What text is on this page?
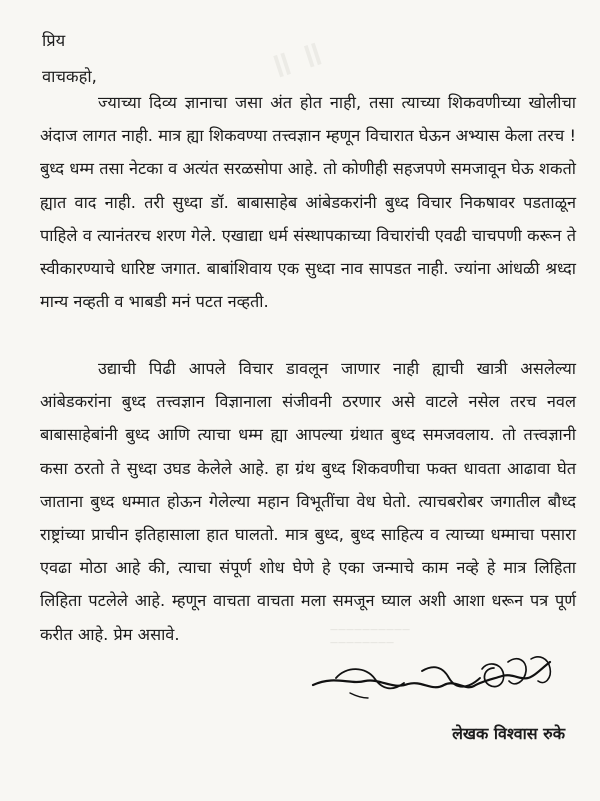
॥ ॥
प्रिय
वाचकहो,
ज्याच्या दिव्य ज्ञानाचा जसा अंत होत नाही, तसा त्याच्या शिकवणीच्या खोलीचा अंदाज लागत नाही. मात्र ह्या शिकवण्या तत्त्वज्ञान म्हणून विचारात घेऊन अभ्यास केला तरच ! बुध्द धम्म तसा नेटका व अत्यंत सरळसोपा आहे. तो कोणीही सहजपणे समजावून घेऊ शकतो ह्यात वाद नाही. तरी सुध्दा डॉ. बाबासाहेब आंबेडकरांनी बुध्द विचार निकषावर पडताळून पाहिले व त्यानंतरच शरण गेले. एखाद्या धर्म संस्थापकाच्या विचारांची एवढी चाचपणी करून ते स्वीकारण्याचे धारिष्ट जगात. बाबांशिवाय एक सुध्दा नाव सापडत नाही. ज्यांना आंधळी श्रध्दा मान्य नव्हती व भाबडी मनं पटत नव्हती.
उद्याची पिढी आपले विचार डावलून जाणार नाही ह्याची खात्री असलेल्या आंबेडकरांना बुध्द तत्त्वज्ञान विज्ञानाला संजीवनी ठरणार असे वाटले नसेल तरच नवल बाबासाहेबांनी बुध्द आणि त्याचा धम्म ह्या आपल्या ग्रंथात बुध्द समजवलाय. तो तत्त्वज्ञानी कसा ठरतो ते सुध्दा उघड केलेले आहे. हा ग्रंथ बुध्द शिकवणीचा फक्त धावता आढावा घेत जाताना बुध्द धम्मात होऊन गेलेल्या महान विभूतींचा वेध घेतो. त्याचबरोबर जगातील बौध्द राष्ट्रांच्या प्राचीन इतिहासाला हात घालतो. मात्र बुध्द, बुध्द साहित्य व त्याच्या धम्माचा पसारा एवढा मोठा आहे की, त्याचा संपूर्ण शोध घेणे हे एका जन्माचे काम नव्हे हे मात्र लिहिता लिहिता पटलेले आहे. म्हणून वाचता वाचता मला समजून घ्याल अशी आशा धरून पत्र पूर्ण करीत आहे. प्रेम असावे.	——————————
————————
लेखक विश्वास रुके
